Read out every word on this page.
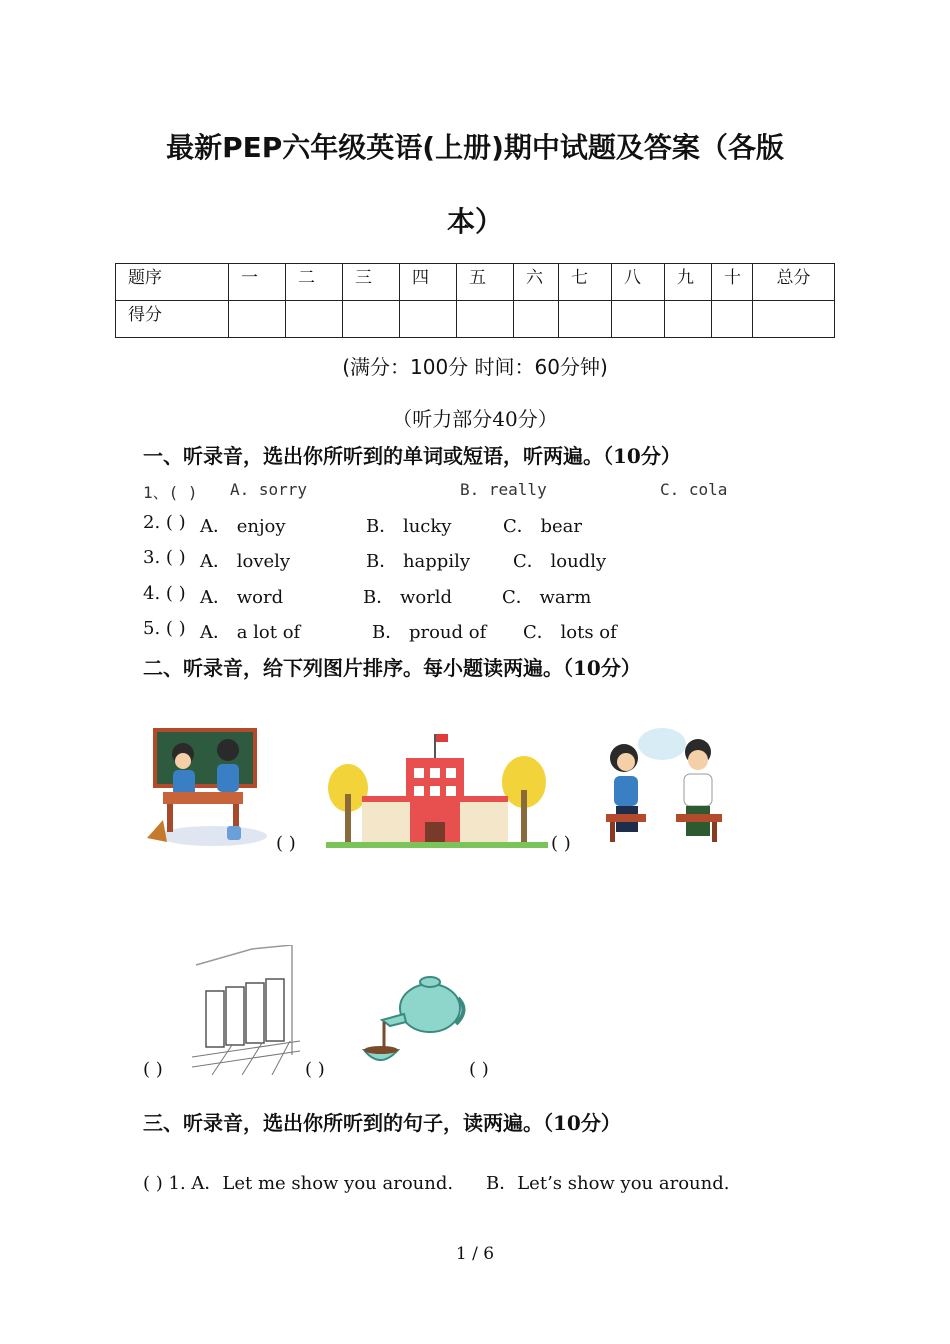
最新PEP六年级英语(上册)期中试题及答案（各版
本）
题序	一	二	三	四	五	六	七	八	九	十	总分
得分											
(满分：100分 时间：60分钟)
（听力部分40分）
一、听录音，选出你所听到的单词或短语，听两遍。（10分）
1、( ) A. sorry	B. really	C. cola
2. ( ) A． enjoy	B． lucky	C． bear
3. ( ) A． lovely	B． happily C． loudly
4. ( ) A． word	B． world	C． warm
5. ( ) A． a lot of	B． proud of C． lots of
二、听录音，给下列图片排序。每小题读两遍。（10分）
( )	( )
( )	( )	( )
三、听录音，选出你所听到的句子，读两遍。（10分）
( ) 1. A．Let me show you around. B．Let’s show you around.
1 / 6
